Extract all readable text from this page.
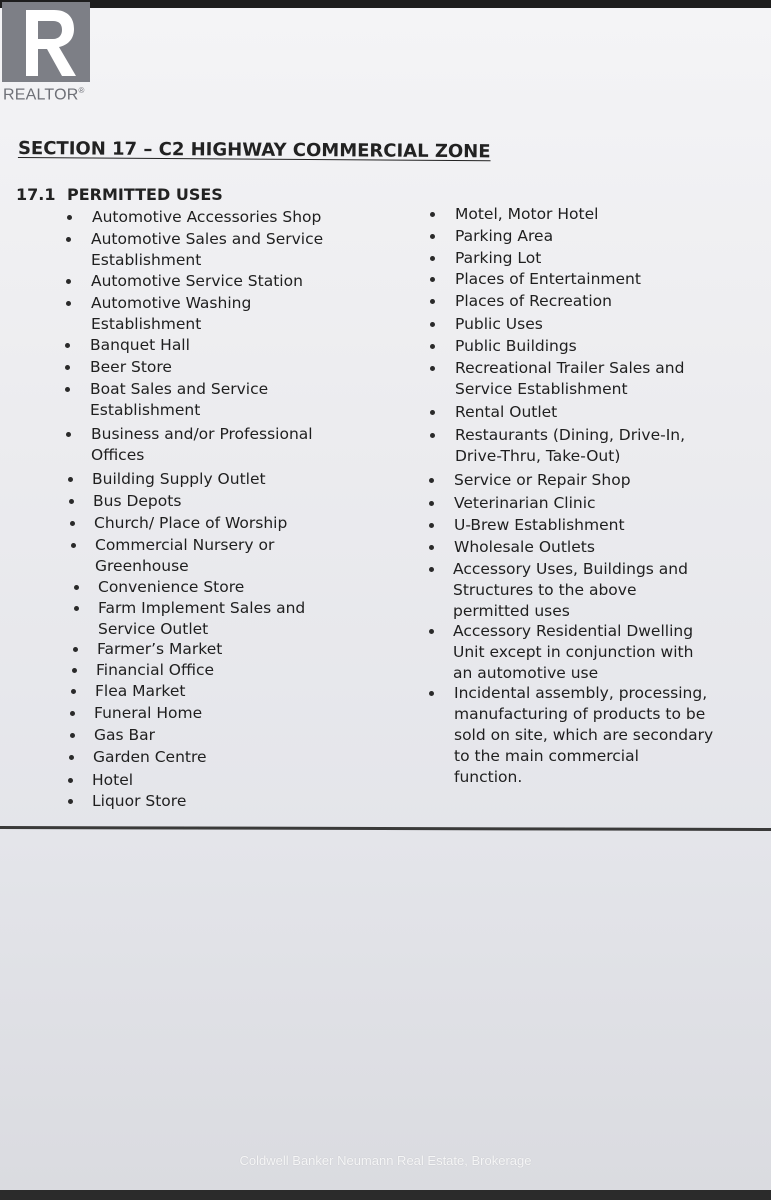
REALTOR®
SECTION 17 – C2 HIGHWAY COMMERCIAL ZONE
17.1 PERMITTED USES
Automotive Accessories Shop
Automotive Sales and Service
Establishment
Automotive Service Station
Automotive Washing
Establishment
Banquet Hall
Beer Store
Boat Sales and Service
Establishment
Business and/or Professional
Offices
Building Supply Outlet
Bus Depots
Church/ Place of Worship
Commercial Nursery or
Greenhouse
Convenience Store
Farm Implement Sales and
Service Outlet
Farmer’s Market
Financial Office
Flea Market
Funeral Home
Gas Bar
Garden Centre
Hotel
Liquor Store
Motel, Motor Hotel
Parking Area
Parking Lot
Places of Entertainment
Places of Recreation
Public Uses
Public Buildings
Recreational Trailer Sales and
Service Establishment
Rental Outlet
Restaurants (Dining, Drive-In,
Drive-Thru, Take-Out)
Service or Repair Shop
Veterinarian Clinic
U-Brew Establishment
Wholesale Outlets
Accessory Uses, Buildings and
Structures to the above
permitted uses
Accessory Residential Dwelling
Unit except in conjunction with
an automotive use
Incidental assembly, processing,
manufacturing of products to be
sold on site, which are secondary
to the main commercial
function.
Coldwell Banker Neumann Real Estate, Brokerage
